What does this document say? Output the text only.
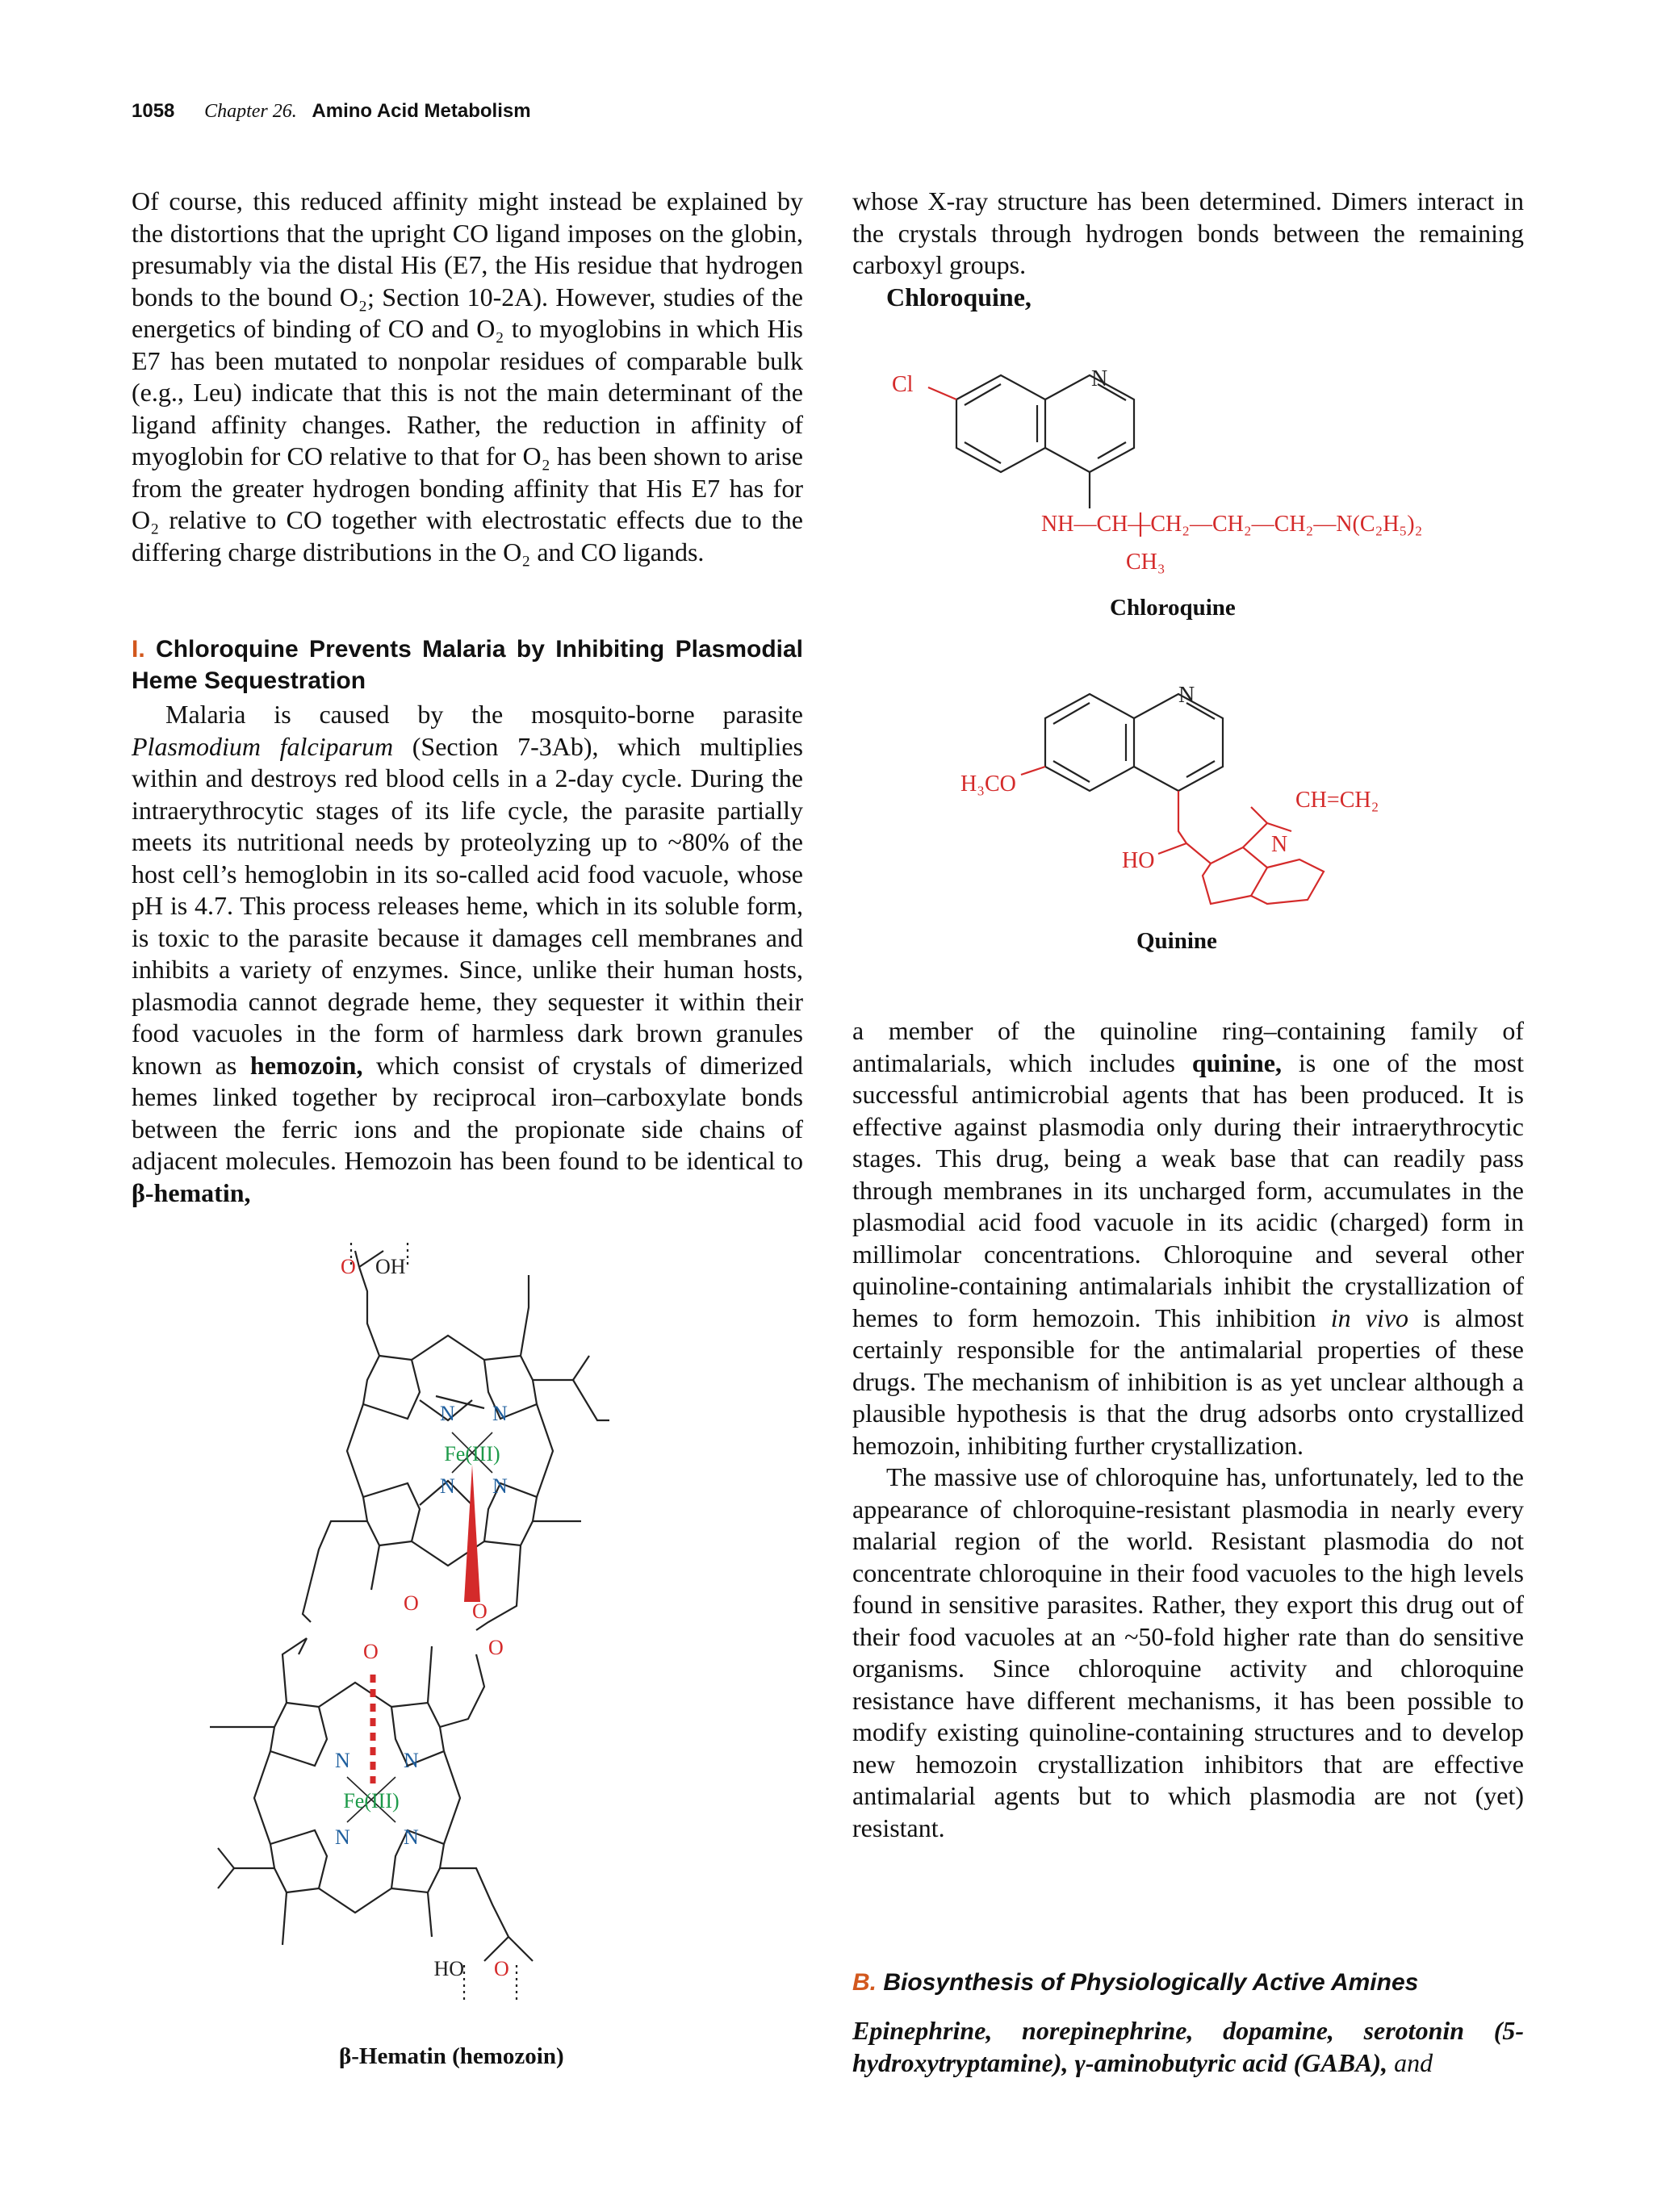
1058 Chapter 26. Amino Acid Metabolism

Of course, this reduced affinity might instead be explained by the distortions that the upright CO ligand imposes on the globin, presumably via the distal His (E7, the His residue that hydrogen bonds to the bound O₂; Section 10-2A). However, studies of the energetics of binding of CO and O₂ to myoglobins in which His E7 has been mutated to nonpolar residues of comparable bulk (e.g., Leu) indicate that this is not the main determinant of the ligand affinity changes. Rather, the reduction in affinity of myoglobin for CO relative to that for O₂ has been shown to arise from the greater hydrogen bonding affinity that His E7 has for O₂ relative to CO together with electrostatic effects due to the differing charge distributions in the O₂ and CO ligands.

I. Chloroquine Prevents Malaria by Inhibiting Plasmodial Heme Sequestration

Malaria is caused by the mosquito-borne parasite Plasmodium falciparum (Section 7-3Ab), which multiplies within and destroys red blood cells in a 2-day cycle. During the intraerythrocytic stages of its life cycle, the parasite partially meets its nutritional needs by proteolyzing up to ~80% of the host cell’s hemoglobin in its so-called acid food vacuole, whose pH is 4.7. This process releases heme, which in its soluble form, is toxic to the parasite because it damages cell membranes and inhibits a variety of enzymes. Since, unlike their human hosts, plasmodia cannot degrade heme, they sequester it within their food vacuoles in the form of harmless dark brown granules known as hemozoin, which consist of crystals of dimerized hemes linked together by reciprocal iron–carboxylate bonds between the ferric ions and the propionate side chains of adjacent molecules. Hemozoin has been found to be identical to β-hematin,

O
O	O
O
O
O
OH
HO
N N
N N
N	N
N	N
Fe(III)
Fe(III)
β-Hematin (hemozoin)

whose X-ray structure has been determined. Dimers interact in the crystals through hydrogen bonds between the remaining carboxyl groups.

Chloroquine,

Cl	N
NH—CH—CH₂—CH₂—CH₂—N(C₂H₅)₂
CH₃
Chloroquine
N
H₃CO
HO
CH=CH₂
N
Quinine

a member of the quinoline ring–containing family of antimalarials, which includes quinine, is one of the most successful antimicrobial agents that has been produced. It is effective against plasmodia only during their intraerythrocytic stages. This drug, being a weak base that can readily pass through membranes in its uncharged form, accumulates in the plasmodial acid food vacuole in its acidic (charged) form in millimolar concentrations. Chloroquine and several other quinoline-containing antimalarials inhibit the crystallization of hemes to form hemozoin. This inhibition in vivo is almost certainly responsible for the antimalarial properties of these drugs. The mechanism of inhibition is as yet unclear although a plausible hypothesis is that the drug adsorbs onto crystallized hemozoin, inhibiting further crystallization.

The massive use of chloroquine has, unfortunately, led to the appearance of chloroquine-resistant plasmodia in nearly every malarial region of the world. Resistant plasmodia do not concentrate chloroquine in their food vacuoles to the high levels found in sensitive parasites. Rather, they export this drug out of their food vacuoles at an ~50-fold higher rate than do sensitive organisms. Since chloroquine activity and chloroquine resistance have different mechanisms, it has been possible to modify existing quinoline-containing structures and to develop new hemozoin crystallization inhibitors that are effective antimalarial agents but to which plasmodia are not (yet) resistant.

B. Biosynthesis of Physiologically Active Amines

Epinephrine, norepinephrine, dopamine, serotonin (5-hydroxytryptamine), γ-aminobutyric acid (GABA), and
